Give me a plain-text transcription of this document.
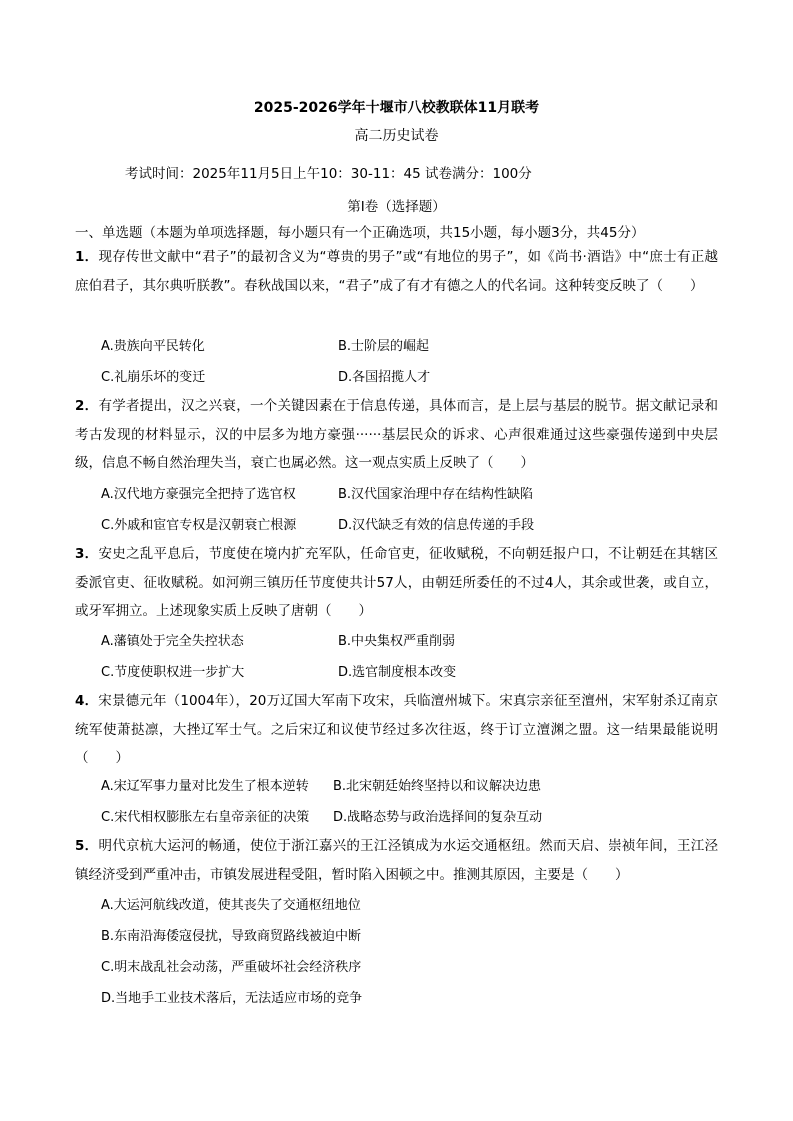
2025-2026学年十堰市八校教联体11月联考
高二历史试卷
考试时间：2025年11月5日上午10：30-11：45 试卷满分：100分
第Ⅰ卷（选择题）
一、单选题（本题为单项选择题，每小题只有一个正确选项，共15小题，每小题3分，共45分）
1．现存传世文献中“君子”的最初含义为“尊贵的男子”或“有地位的男子”，如《尚书·酒诰》中“庶士有正越庶伯君子，其尔典听朕教”。春秋战国以来，“君子”成了有才有德之人的代名词。这种转变反映了（　　）
A.贵族向平民转化	B.士阶层的崛起
C.礼崩乐坏的变迁	D.各国招揽人才
2．有学者提出，汉之兴衰，一个关键因素在于信息传递，具体而言，是上层与基层的脱节。据文献记录和考古发现的材料显示，汉的中层多为地方豪强······基层民众的诉求、心声很难通过这些豪强传递到中央层级，信息不畅自然治理失当，衰亡也属必然。这一观点实质上反映了（　　）
A.汉代地方豪强完全把持了选官权	B.汉代国家治理中存在结构性缺陷
C.外戚和宦官专权是汉朝衰亡根源	D.汉代缺乏有效的信息传递的手段
3．安史之乱平息后，节度使在境内扩充军队，任命官吏，征收赋税，不向朝廷报户口，不让朝廷在其辖区委派官吏、征收赋税。如河朔三镇历任节度使共计57人，由朝廷所委任的不过4人，其余或世袭，或自立，或牙军拥立。上述现象实质上反映了唐朝（　　）
A.藩镇处于完全失控状态	B.中央集权严重削弱
C.节度使职权进一步扩大	D.选官制度根本改变
4．宋景德元年（1004年），20万辽国大军南下攻宋，兵临澶州城下。宋真宗亲征至澶州，宋军射杀辽南京统军使萧挞凛，大挫辽军士气。之后宋辽和议使节经过多次往返，终于订立澶渊之盟。这一结果最能说明（　　）
A.宋辽军事力量对比发生了根本逆转 B.北宋朝廷始终坚持以和议解决边患
C.宋代相权膨胀左右皇帝亲征的决策 D.战略态势与政治选择间的复杂互动
5．明代京杭大运河的畅通，使位于浙江嘉兴的王江泾镇成为水运交通枢纽。然而天启、崇祯年间，王江泾镇经济受到严重冲击，市镇发展进程受阻，暂时陷入困顿之中。推测其原因，主要是（　　）
A.大运河航线改道，使其丧失了交通枢纽地位
B.东南沿海倭寇侵扰，导致商贸路线被迫中断
C.明末战乱社会动荡，严重破坏社会经济秩序
D.当地手工业技术落后，无法适应市场的竞争
